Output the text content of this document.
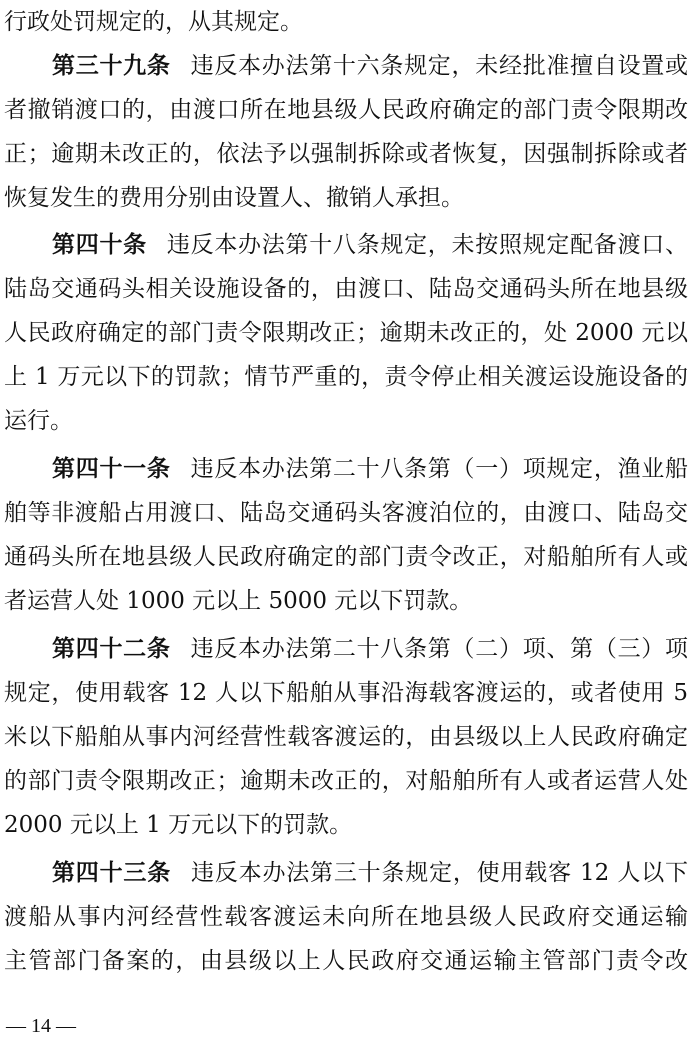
行政处罚规定的，从其规定。
第三十九条 违反本办法第十六条规定，未经批准擅自设置或
者撤销渡口的，由渡口所在地县级人民政府确定的部门责令限期改
正；逾期未改正的，依法予以强制拆除或者恢复，因强制拆除或者
恢复发生的费用分别由设置人、撤销人承担。
第四十条 违反本办法第十八条规定，未按照规定配备渡口、
陆岛交通码头相关设施设备的，由渡口、陆岛交通码头所在地县级
人民政府确定的部门责令限期改正；逾期未改正的，处 2000 元以
上 1 万元以下的罚款；情节严重的，责令停止相关渡运设施设备的
运行。
第四十一条 违反本办法第二十八条第（一）项规定，渔业船
舶等非渡船占用渡口、陆岛交通码头客渡泊位的，由渡口、陆岛交
通码头所在地县级人民政府确定的部门责令改正，对船舶所有人或
者运营人处 1000 元以上 5000 元以下罚款。
第四十二条 违反本办法第二十八条第（二）项、第（三）项
规定，使用载客 12 人以下船舶从事沿海载客渡运的，或者使用 5
米以下船舶从事内河经营性载客渡运的，由县级以上人民政府确定
的部门责令限期改正；逾期未改正的，对船舶所有人或者运营人处
2000 元以上 1 万元以下的罚款。
第四十三条 违反本办法第三十条规定，使用载客 12 人以下
渡船从事内河经营性载客渡运未向所在地县级人民政府交通运输
主管部门备案的，由县级以上人民政府交通运输主管部门责令改
— 14 —
